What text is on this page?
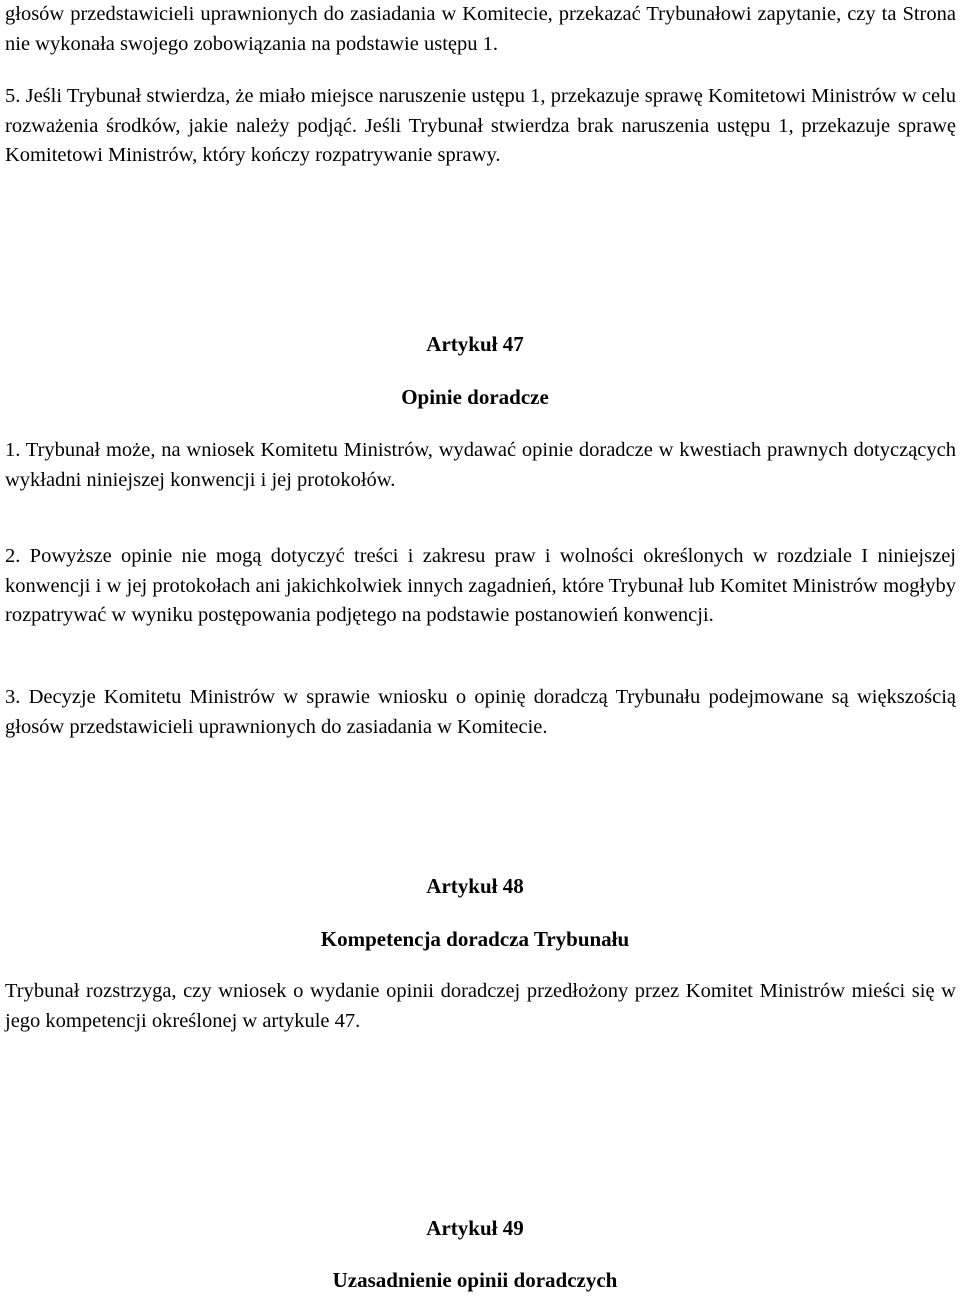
głosów przedstawicieli uprawnionych do zasiadania w Komitecie, przekazać Trybunałowi zapytanie, czy ta Strona nie wykonała swojego zobowiązania na podstawie ustępu 1.

5. Jeśli Trybunał stwierdza, że miało miejsce naruszenie ustępu 1, przekazuje sprawę Komitetowi Ministrów w celu rozważenia środków, jakie należy podjąć. Jeśli Trybunał stwierdza brak naruszenia ustępu 1, przekazuje sprawę Komitetowi Ministrów, który kończy rozpatrywanie sprawy.

Artykuł 47

Opinie doradcze

1. Trybunał może, na wniosek Komitetu Ministrów, wydawać opinie doradcze w kwestiach prawnych dotyczących wykładni niniejszej konwencji i jej protokołów.

2. Powyższe opinie nie mogą dotyczyć treści i zakresu praw i wolności określonych w rozdziale I niniejszej konwencji i w jej protokołach ani jakichkolwiek innych zagadnień, które Trybunał lub Komitet Ministrów mogłyby rozpatrywać w wyniku postępowania podjętego na podstawie postanowień konwencji.

3. Decyzje Komitetu Ministrów w sprawie wniosku o opinię doradczą Trybunału podejmowane są większością głosów przedstawicieli uprawnionych do zasiadania w Komitecie.

Artykuł 48

Kompetencja doradcza Trybunału

Trybunał rozstrzyga, czy wniosek o wydanie opinii doradczej przedłożony przez Komitet Ministrów mieści się w jego kompetencji określonej w artykule 47.

Artykuł 49

Uzasadnienie opinii doradczych
